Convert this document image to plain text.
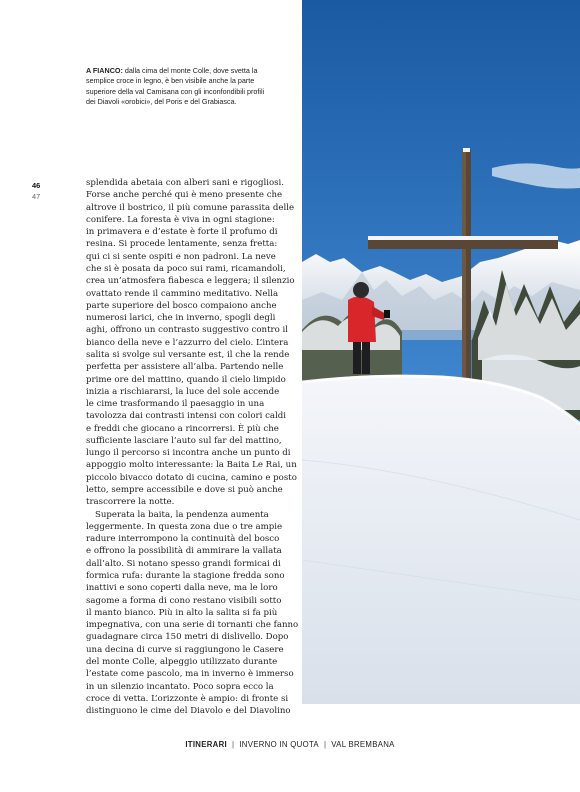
A FIANCO: dalla cima del monte Colle, dove svetta la semplice croce in legno, è ben visibile anche la parte superiore della val Camisana con gli inconfondibili profili dei Diavoli «orobici», del Poris e del Grabiasca.
46
47

splendida abetaia con alberi sani e rigogliosi.
Forse anche perché qui è meno presente che
altrove il bostrico, il più comune parassita delle
conifere. La foresta è viva in ogni stagione:
in primavera e d’estate è forte il profumo di
resina. Si procede lentamente, senza fretta:
qui ci si sente ospiti e non padroni. La neve
che si è posata da poco sui rami, ricamandoli,
crea un’atmosfera fiabesca e leggera; il silenzio
ovattato rende il cammino meditativo. Nella
parte superiore del bosco compaiono anche
numerosi larici, che in inverno, spogli degli
aghi, offrono un contrasto suggestivo contro il
bianco della neve e l’azzurro del cielo. L’intera
salita si svolge sul versante est, il che la rende
perfetta per assistere all’alba. Partendo nelle
prime ore del mattino, quando il cielo limpido
inizia a rischiararsi, la luce del sole accende
le cime trasformando il paesaggio in una
tavolozza dai contrasti intensi con colori caldi
e freddi che giocano a rincorrersi. È più che
sufficiente lasciare l’auto sul far del mattino,
lungo il percorso si incontra anche un punto di
appoggio molto interessante: la Baita Le Rai, un
piccolo bivacco dotato di cucina, camino e posto
letto, sempre accessibile e dove si può anche
trascorrere la notte.

Superata la baita, la pendenza aumenta
leggermente. In questa zona due o tre ampie
radure interrompono la continuità del bosco
e offrono la possibilità di ammirare la vallata
dall’alto. Si notano spesso grandi formicai di
formica rufa: durante la stagione fredda sono
inattivi e sono coperti dalla neve, ma le loro
sagome a forma di cono restano visibili sotto
il manto bianco. Più in alto la salita si fa più
impegnativa, con una serie di tornanti che fanno
guadagnare circa 150 metri di dislivello. Dopo
una decina di curve si raggiungono le Casere
del monte Colle, alpeggio utilizzato durante
l’estate come pascolo, ma in inverno è immerso
in un silenzio incantato. Poco sopra ecco la
croce di vetta. L’orizzonte è ampio: di fronte si
distinguono le cime del Diavolo e del Diavolino

ITINERARI | INVERNO IN QUOTA | VAL BREMBANA
